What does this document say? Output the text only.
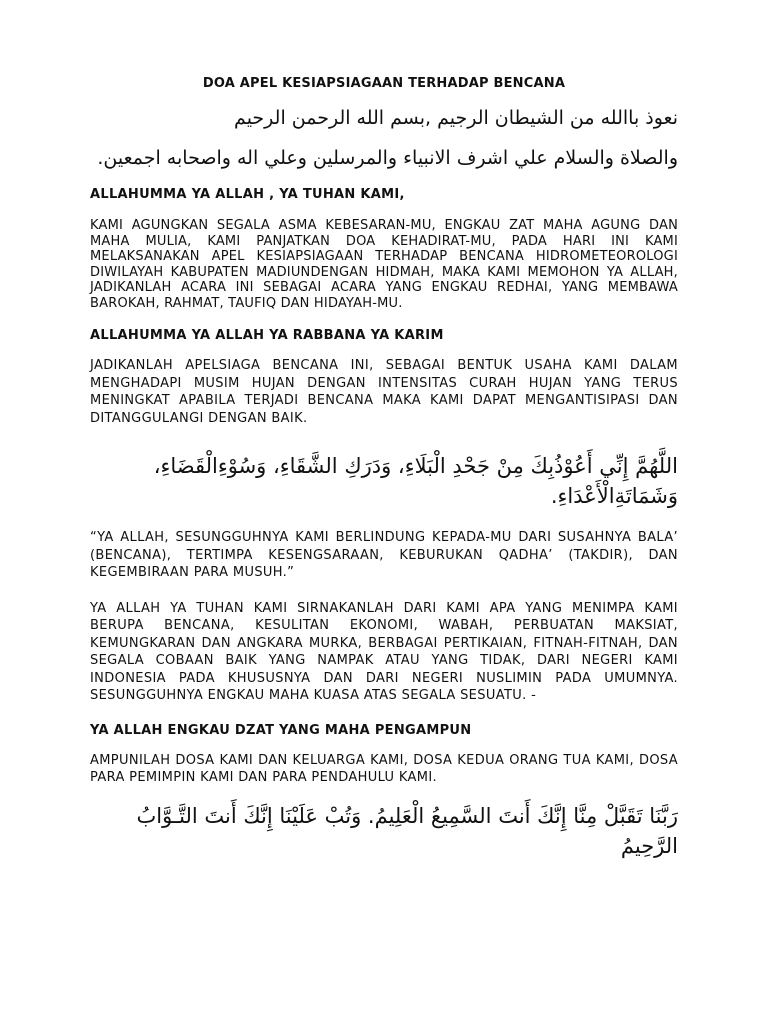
DOA APEL KESIAPSIAGAAN TERHADAP BENCANA

نعوذ باالله من الشيطان الرجيم ,بسم الله الرحمن الرحيم

والصلاة والسلام علي اشرف الانبياء والمرسلين وعلي اله واصحابه اجمعين.

ALLAHUMMA YA ALLAH , YA TUHAN KAMI,

KAMI AGUNGKAN SEGALA ASMA KEBESARAN-MU, ENGKAU ZAT MAHA AGUNG DAN MAHA MULIA, KAMI PANJATKAN DOA KEHADIRAT-MU, PADA HARI INI KAMI MELAKSANAKAN APEL KESIAPSIAGAAN TERHADAP BENCANA HIDROMETEOROLOGI DIWILAYAH KABUPATEN MADIUNDENGAN HIDMAH, MAKA KAMI MEMOHON YA ALLAH, JADIKANLAH ACARA INI SEBAGAI ACARA YANG ENGKAU REDHAI, YANG MEMBAWA BAROKAH, RAHMAT, TAUFIQ DAN HIDAYAH-MU.

ALLAHUMMA YA ALLAH YA RABBANA YA KARIM

JADIKANLAH APELSIAGA BENCANA INI, SEBAGAI BENTUK USAHA KAMI DALAM MENGHADAPI MUSIM HUJAN DENGAN INTENSITAS CURAH HUJAN YANG TERUS MENINGKAT APABILA TERJADI BENCANA MAKA KAMI DAPAT MENGANTISIPASI DAN DITANGGULANGI DENGAN BAIK.

اللَّهُمَّ إِنِّي أَعُوْذُبِكَ مِنْ جَحْدِ الْبَلَاءِ، وَدَرَكِ الشَّقَاءِ، وَسُوْءِالْقَضَاءِ، وَشَمَاتَةِالْأَعْدَاءِ.

“YA ALLAH, SESUNGGUHNYA KAMI BERLINDUNG KEPADA-MU DARI SUSAHNYA BALA’ (BENCANA), TERTIMPA KESENGSARAAN, KEBURUKAN QADHA’ (TAKDIR), DAN KEGEMBIRAAN PARA MUSUH.”

YA ALLAH YA TUHAN KAMI SIRNAKANLAH DARI KAMI APA YANG MENIMPA KAMI BERUPA BENCANA, KESULITAN EKONOMI, WABAH, PERBUATAN MAKSIAT, KEMUNGKARAN DAN ANGKARA MURKA, BERBAGAI PERTIKAIAN, FITNAH-FITNAH, DAN SEGALA COBAAN BAIK YANG NAMPAK ATAU YANG TIDAK, DARI NEGERI KAMI INDONESIA PADA KHUSUSNYA DAN DARI NEGERI NUSLIMIN PADA UMUMNYA. SESUNGGUHNYA ENGKAU MAHA KUASA ATAS SEGALA SESUATU. -

YA ALLAH ENGKAU DZAT YANG MAHA PENGAMPUN

AMPUNILAH DOSA KAMI DAN KELUARGA KAMI, DOSA KEDUA ORANG TUA KAMI, DOSA PARA PEMIMPIN KAMI DAN PARA PENDAHULU KAMI.

رَبَّنَا تَقَبَّلْ مِنَّا إِنَّكَ أَنتَ السَّمِيعُ الْعَلِيمُ. وَتُبْ عَلَيْنَا إِنَّكَ أَنتَ التَّـوَّابُ الرَّحِيمُ
